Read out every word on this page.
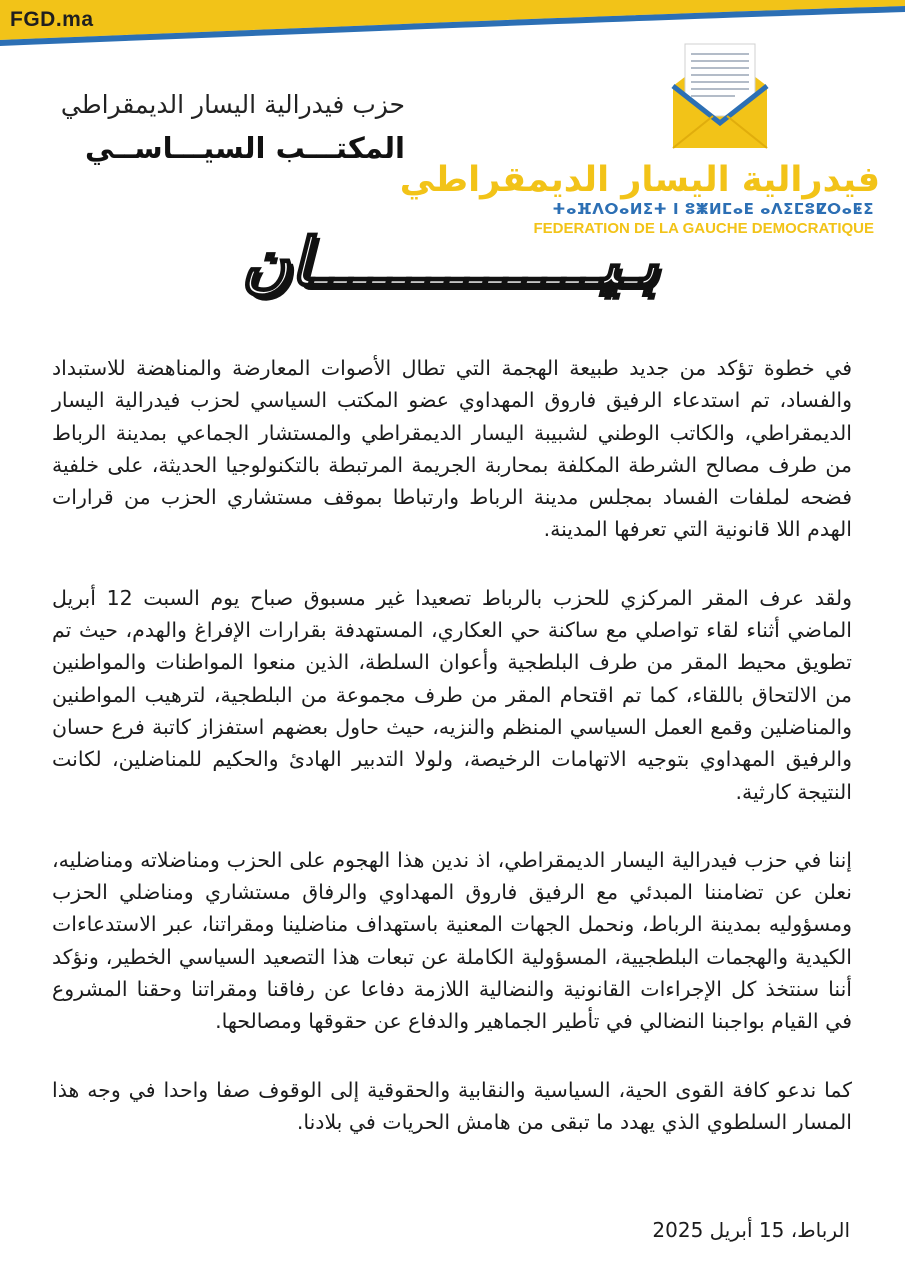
FGD.ma
حزب فيدرالية اليسار الديمقراطي
المكتـــب السيـــاســي
فيدرالية اليسار الديمقراطي
ⵜⴰⴼⴷⵔⴰⵍⵉⵜ ⵏ ⵓⵥⵍⵎⴰⴹ ⴰⴷⵉⵎⵓⵇⵔⴰⵟⵉ
FEDERATION DE LA GAUCHE DEMOCRATIQUE
بـيـــــــــــــــان

في خطوة تؤكد من جديد طبيعة الهجمة التي تطال الأصوات المعارضة والمناهضة للاستبداد والفساد، تم استدعاء الرفيق فاروق المهداوي عضو المكتب السياسي لحزب فيدرالية اليسار الديمقراطي، والكاتب الوطني لشبيبة اليسار الديمقراطي والمستشار الجماعي بمدينة الرباط من طرف مصالح الشرطة المكلفة بمحاربة الجريمة المرتبطة بالتكنولوجيا الحديثة، على خلفية فضحه لملفات الفساد بمجلس مدينة الرباط وارتباطا بموقف مستشاري الحزب من قرارات الهدم اللا قانونية التي تعرفها المدينة.

ولقد عرف المقر المركزي للحزب بالرباط تصعيدا غير مسبوق صباح يوم السبت 12 أبريل الماضي أثناء لقاء تواصلي مع ساكنة حي العكاري، المستهدفة بقرارات الإفراغ والهدم، حيث تم تطويق محيط المقر من طرف البلطجية وأعوان السلطة، الذين منعوا المواطنات والمواطنين من الالتحاق باللقاء، كما تم اقتحام المقر من طرف مجموعة من البلطجية، لترهيب المواطنين والمناضلين وقمع العمل السياسي المنظم والنزيه، حيث حاول بعضهم استفزاز كاتبة فرع حسان والرفيق المهداوي بتوجيه الاتهامات الرخيصة، ولولا التدبير الهادئ والحكيم للمناضلين، لكانت النتيجة كارثية.

إننا في حزب فيدرالية اليسار الديمقراطي، اذ ندين هذا الهجوم على الحزب ومناضلاته ومناضليه، نعلن عن تضامننا المبدئي مع الرفيق فاروق المهداوي والرفاق مستشاري ومناضلي الحزب ومسؤوليه بمدينة الرباط، ونحمل الجهات المعنية باستهداف مناضلينا ومقراتنا، عبر الاستدعاءات الكيدية والهجمات البلطجيية، المسؤولية الكاملة عن تبعات هذا التصعيد السياسي الخطير، ونؤكد أننا سنتخذ كل الإجراءات القانونية والنضالية اللازمة دفاعا عن رفاقنا ومقراتنا وحقنا المشروع في القيام بواجبنا النضالي في تأطير الجماهير والدفاع عن حقوقها ومصالحها.

كما ندعو كافة القوى الحية، السياسية والنقابية والحقوقية إلى الوقوف صفا واحدا في وجه هذا المسار السلطوي الذي يهدد ما تبقى من هامش الحريات في بلادنا.

الرباط، 15 أبريل 2025
